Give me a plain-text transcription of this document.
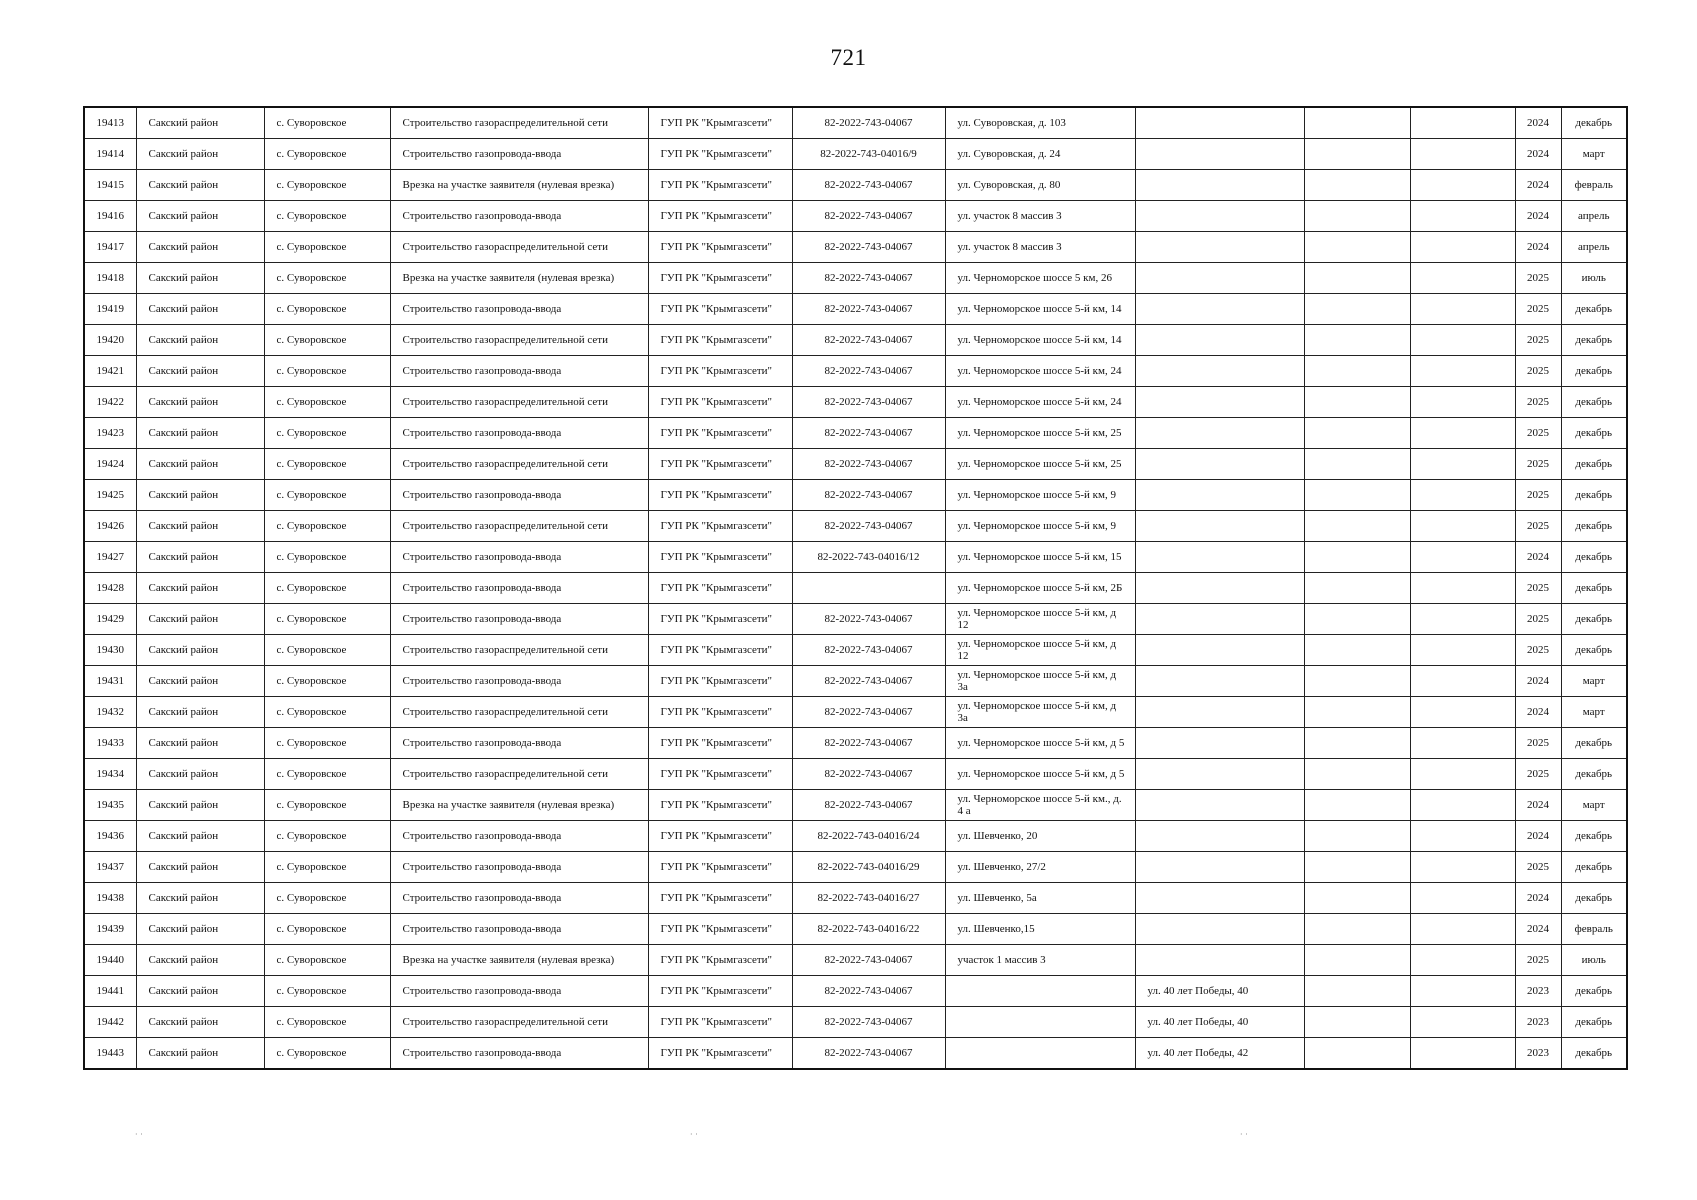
721
19413	Сакский район	с. Суворовское	Строительство газораспределительной сети	ГУП РК "Крымгазсети"	82-2022-743-04067	ул. Суворовская, д. 103				2024	декабрь
19414	Сакский район	с. Суворовское	Строительство газопровода-ввода	ГУП РК "Крымгазсети"	82-2022-743-04016/9	ул. Суворовская, д. 24				2024	март
19415	Сакский район	с. Суворовское	Врезка на участке заявителя (нулевая врезка)	ГУП РК "Крымгазсети"	82-2022-743-04067	ул. Суворовская, д. 80				2024	февраль
19416	Сакский район	с. Суворовское	Строительство газопровода-ввода	ГУП РК "Крымгазсети"	82-2022-743-04067	ул. участок 8 массив 3				2024	апрель
19417	Сакский район	с. Суворовское	Строительство газораспределительной сети	ГУП РК "Крымгазсети"	82-2022-743-04067	ул. участок 8 массив 3				2024	апрель
19418	Сакский район	с. Суворовское	Врезка на участке заявителя (нулевая врезка)	ГУП РК "Крымгазсети"	82-2022-743-04067	ул. Черноморское шоссе 5 км, 26				2025	июль
19419	Сакский район	с. Суворовское	Строительство газопровода-ввода	ГУП РК "Крымгазсети"	82-2022-743-04067	ул. Черноморское шоссе 5-й км, 14				2025	декабрь
19420	Сакский район	с. Суворовское	Строительство газораспределительной сети	ГУП РК "Крымгазсети"	82-2022-743-04067	ул. Черноморское шоссе 5-й км, 14				2025	декабрь
19421	Сакский район	с. Суворовское	Строительство газопровода-ввода	ГУП РК "Крымгазсети"	82-2022-743-04067	ул. Черноморское шоссе 5-й км, 24				2025	декабрь
19422	Сакский район	с. Суворовское	Строительство газораспределительной сети	ГУП РК "Крымгазсети"	82-2022-743-04067	ул. Черноморское шоссе 5-й км, 24				2025	декабрь
19423	Сакский район	с. Суворовское	Строительство газопровода-ввода	ГУП РК "Крымгазсети"	82-2022-743-04067	ул. Черноморское шоссе 5-й км, 25				2025	декабрь
19424	Сакский район	с. Суворовское	Строительство газораспределительной сети	ГУП РК "Крымгазсети"	82-2022-743-04067	ул. Черноморское шоссе 5-й км, 25				2025	декабрь
19425	Сакский район	с. Суворовское	Строительство газопровода-ввода	ГУП РК "Крымгазсети"	82-2022-743-04067	ул. Черноморское шоссе 5-й км, 9				2025	декабрь
19426	Сакский район	с. Суворовское	Строительство газораспределительной сети	ГУП РК "Крымгазсети"	82-2022-743-04067	ул. Черноморское шоссе 5-й км, 9				2025	декабрь
19427	Сакский район	с. Суворовское	Строительство газопровода-ввода	ГУП РК "Крымгазсети"	82-2022-743-04016/12	ул. Черноморское шоссе 5-й км, 15				2024	декабрь
19428	Сакский район	с. Суворовское	Строительство газопровода-ввода	ГУП РК "Крымгазсети"		ул. Черноморское шоссе 5-й км, 2Б				2025	декабрь
19429	Сакский район	с. Суворовское	Строительство газопровода-ввода	ГУП РК "Крымгазсети"	82-2022-743-04067	ул. Черноморское шоссе 5-й км, д 12				2025	декабрь
19430	Сакский район	с. Суворовское	Строительство газораспределительной сети	ГУП РК "Крымгазсети"	82-2022-743-04067	ул. Черноморское шоссе 5-й км, д 12				2025	декабрь
19431	Сакский район	с. Суворовское	Строительство газопровода-ввода	ГУП РК "Крымгазсети"	82-2022-743-04067	ул. Черноморское шоссе 5-й км, д 3а				2024	март
19432	Сакский район	с. Суворовское	Строительство газораспределительной сети	ГУП РК "Крымгазсети"	82-2022-743-04067	ул. Черноморское шоссе 5-й км, д 3а				2024	март
19433	Сакский район	с. Суворовское	Строительство газопровода-ввода	ГУП РК "Крымгазсети"	82-2022-743-04067	ул. Черноморское шоссе 5-й км, д 5				2025	декабрь
19434	Сакский район	с. Суворовское	Строительство газораспределительной сети	ГУП РК "Крымгазсети"	82-2022-743-04067	ул. Черноморское шоссе 5-й км, д 5				2025	декабрь
19435	Сакский район	с. Суворовское	Врезка на участке заявителя (нулевая врезка)	ГУП РК "Крымгазсети"	82-2022-743-04067	ул. Черноморское шоссе 5-й км., д. 4 а				2024	март
19436	Сакский район	с. Суворовское	Строительство газопровода-ввода	ГУП РК "Крымгазсети"	82-2022-743-04016/24	ул. Шевченко, 20				2024	декабрь
19437	Сакский район	с. Суворовское	Строительство газопровода-ввода	ГУП РК "Крымгазсети"	82-2022-743-04016/29	ул. Шевченко, 27/2				2025	декабрь
19438	Сакский район	с. Суворовское	Строительство газопровода-ввода	ГУП РК "Крымгазсети"	82-2022-743-04016/27	ул. Шевченко, 5а				2024	декабрь
19439	Сакский район	с. Суворовское	Строительство газопровода-ввода	ГУП РК "Крымгазсети"	82-2022-743-04016/22	ул. Шевченко,15				2024	февраль
19440	Сакский район	с. Суворовское	Врезка на участке заявителя (нулевая врезка)	ГУП РК "Крымгазсети"	82-2022-743-04067	участок 1 массив 3				2025	июль
19441	Сакский район	с. Суворовское	Строительство газопровода-ввода	ГУП РК "Крымгазсети"	82-2022-743-04067		ул. 40 лет Победы, 40			2023	декабрь
19442	Сакский район	с. Суворовское	Строительство газораспределительной сети	ГУП РК "Крымгазсети"	82-2022-743-04067		ул. 40 лет Победы, 40			2023	декабрь
19443	Сакский район	с. Суворовское	Строительство газопровода-ввода	ГУП РК "Крымгазсети"	82-2022-743-04067		ул. 40 лет Победы, 42			2023	декабрь
· ·	· ·	· ·
